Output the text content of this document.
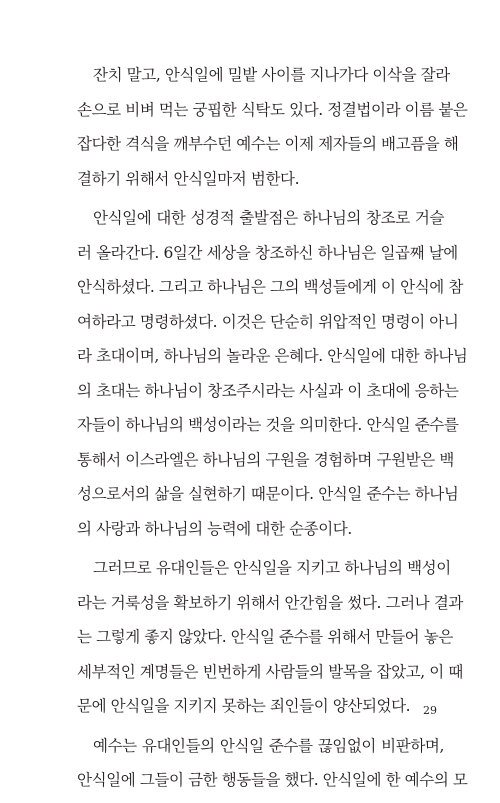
잔치 말고, 안식일에 밀밭 사이를 지나가다 이삭을 잘라
손으로 비벼 먹는 궁핍한 식탁도 있다. 정결법이라 이름 붙은
잡다한 격식을 깨부수던 예수는 이제 제자들의 배고픔을 해
결하기 위해서 안식일마저 범한다.
안식일에 대한 성경적 출발점은 하나님의 창조로 거슬
러 올라간다. 6일간 세상을 창조하신 하나님은 일곱째 날에
안식하셨다. 그리고 하나님은 그의 백성들에게 이 안식에 참
여하라고 명령하셨다. 이것은 단순히 위압적인 명령이 아니
라 초대이며, 하나님의 놀라운 은혜다. 안식일에 대한 하나님
의 초대는 하나님이 창조주시라는 사실과 이 초대에 응하는
자들이 하나님의 백성이라는 것을 의미한다. 안식일 준수를
통해서 이스라엘은 하나님의 구원을 경험하며 구원받은 백
성으로서의 삶을 실현하기 때문이다. 안식일 준수는 하나님
의 사랑과 하나님의 능력에 대한 순종이다.
그러므로 유대인들은 안식일을 지키고 하나님의 백성이
라는 거룩성을 확보하기 위해서 안간힘을 썼다. 그러나 결과
는 그렇게 좋지 않았다. 안식일 준수를 위해서 만들어 놓은
세부적인 계명들은 빈번하게 사람들의 발목을 잡았고, 이 때
문에 안식일을 지키지 못하는 죄인들이 양산되었다.
예수는 유대인들의 안식일 준수를 끊임없이 비판하며,
안식일에 그들이 금한 행동들을 했다. 안식일에 한 예수의 모
29
